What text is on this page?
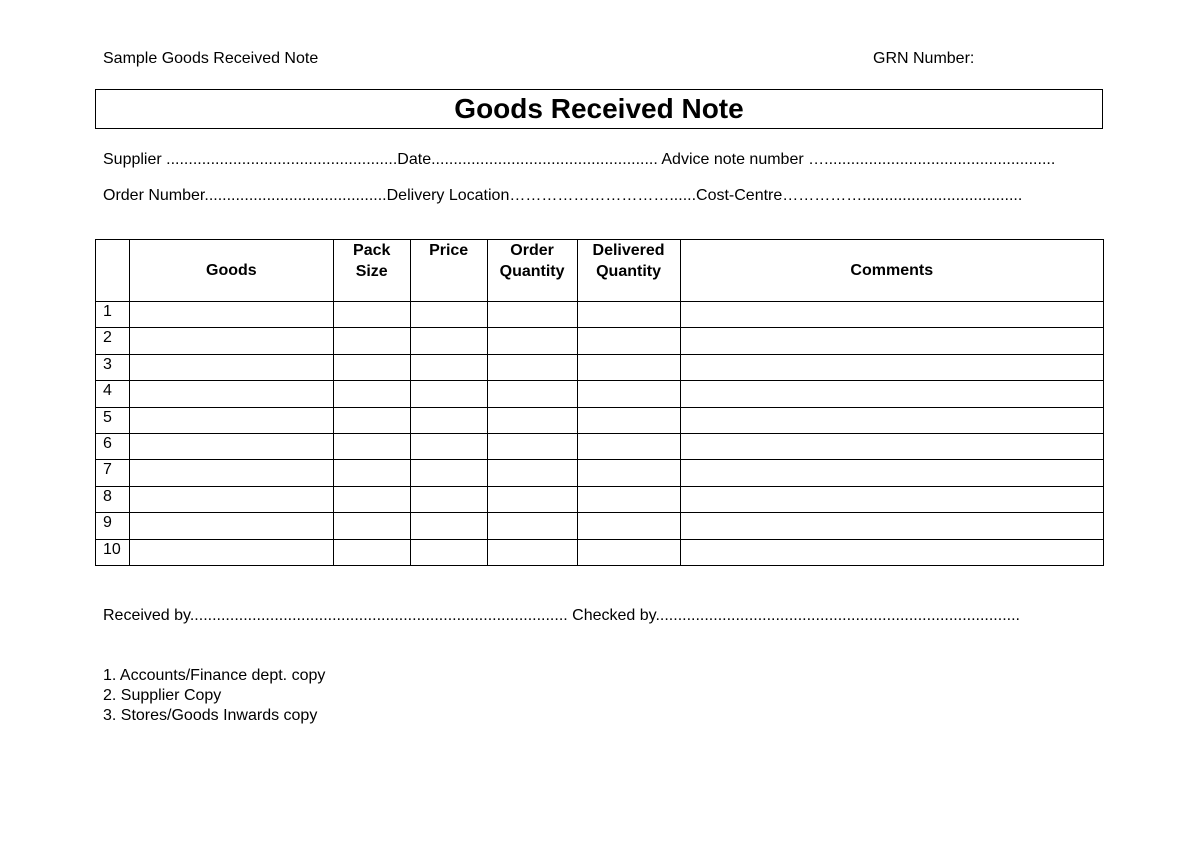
Sample Goods Received Note	GRN Number:
Goods Received Note
Supplier ....................................................Date................................................... Advice note number …....................................................
Order Number.........................................Delivery Location…………………………......Cost-Centre……………....................................
	Goods	Pack Size	Price	Order Quantity	Delivered Quantity	Comments
1						
2						
3						
4						
5						
6						
7						
8						
9						
10						
Received by..................................................................................... Checked by..................................................................................
1. Accounts/Finance dept. copy
2. Supplier Copy
3. Stores/Goods Inwards copy
